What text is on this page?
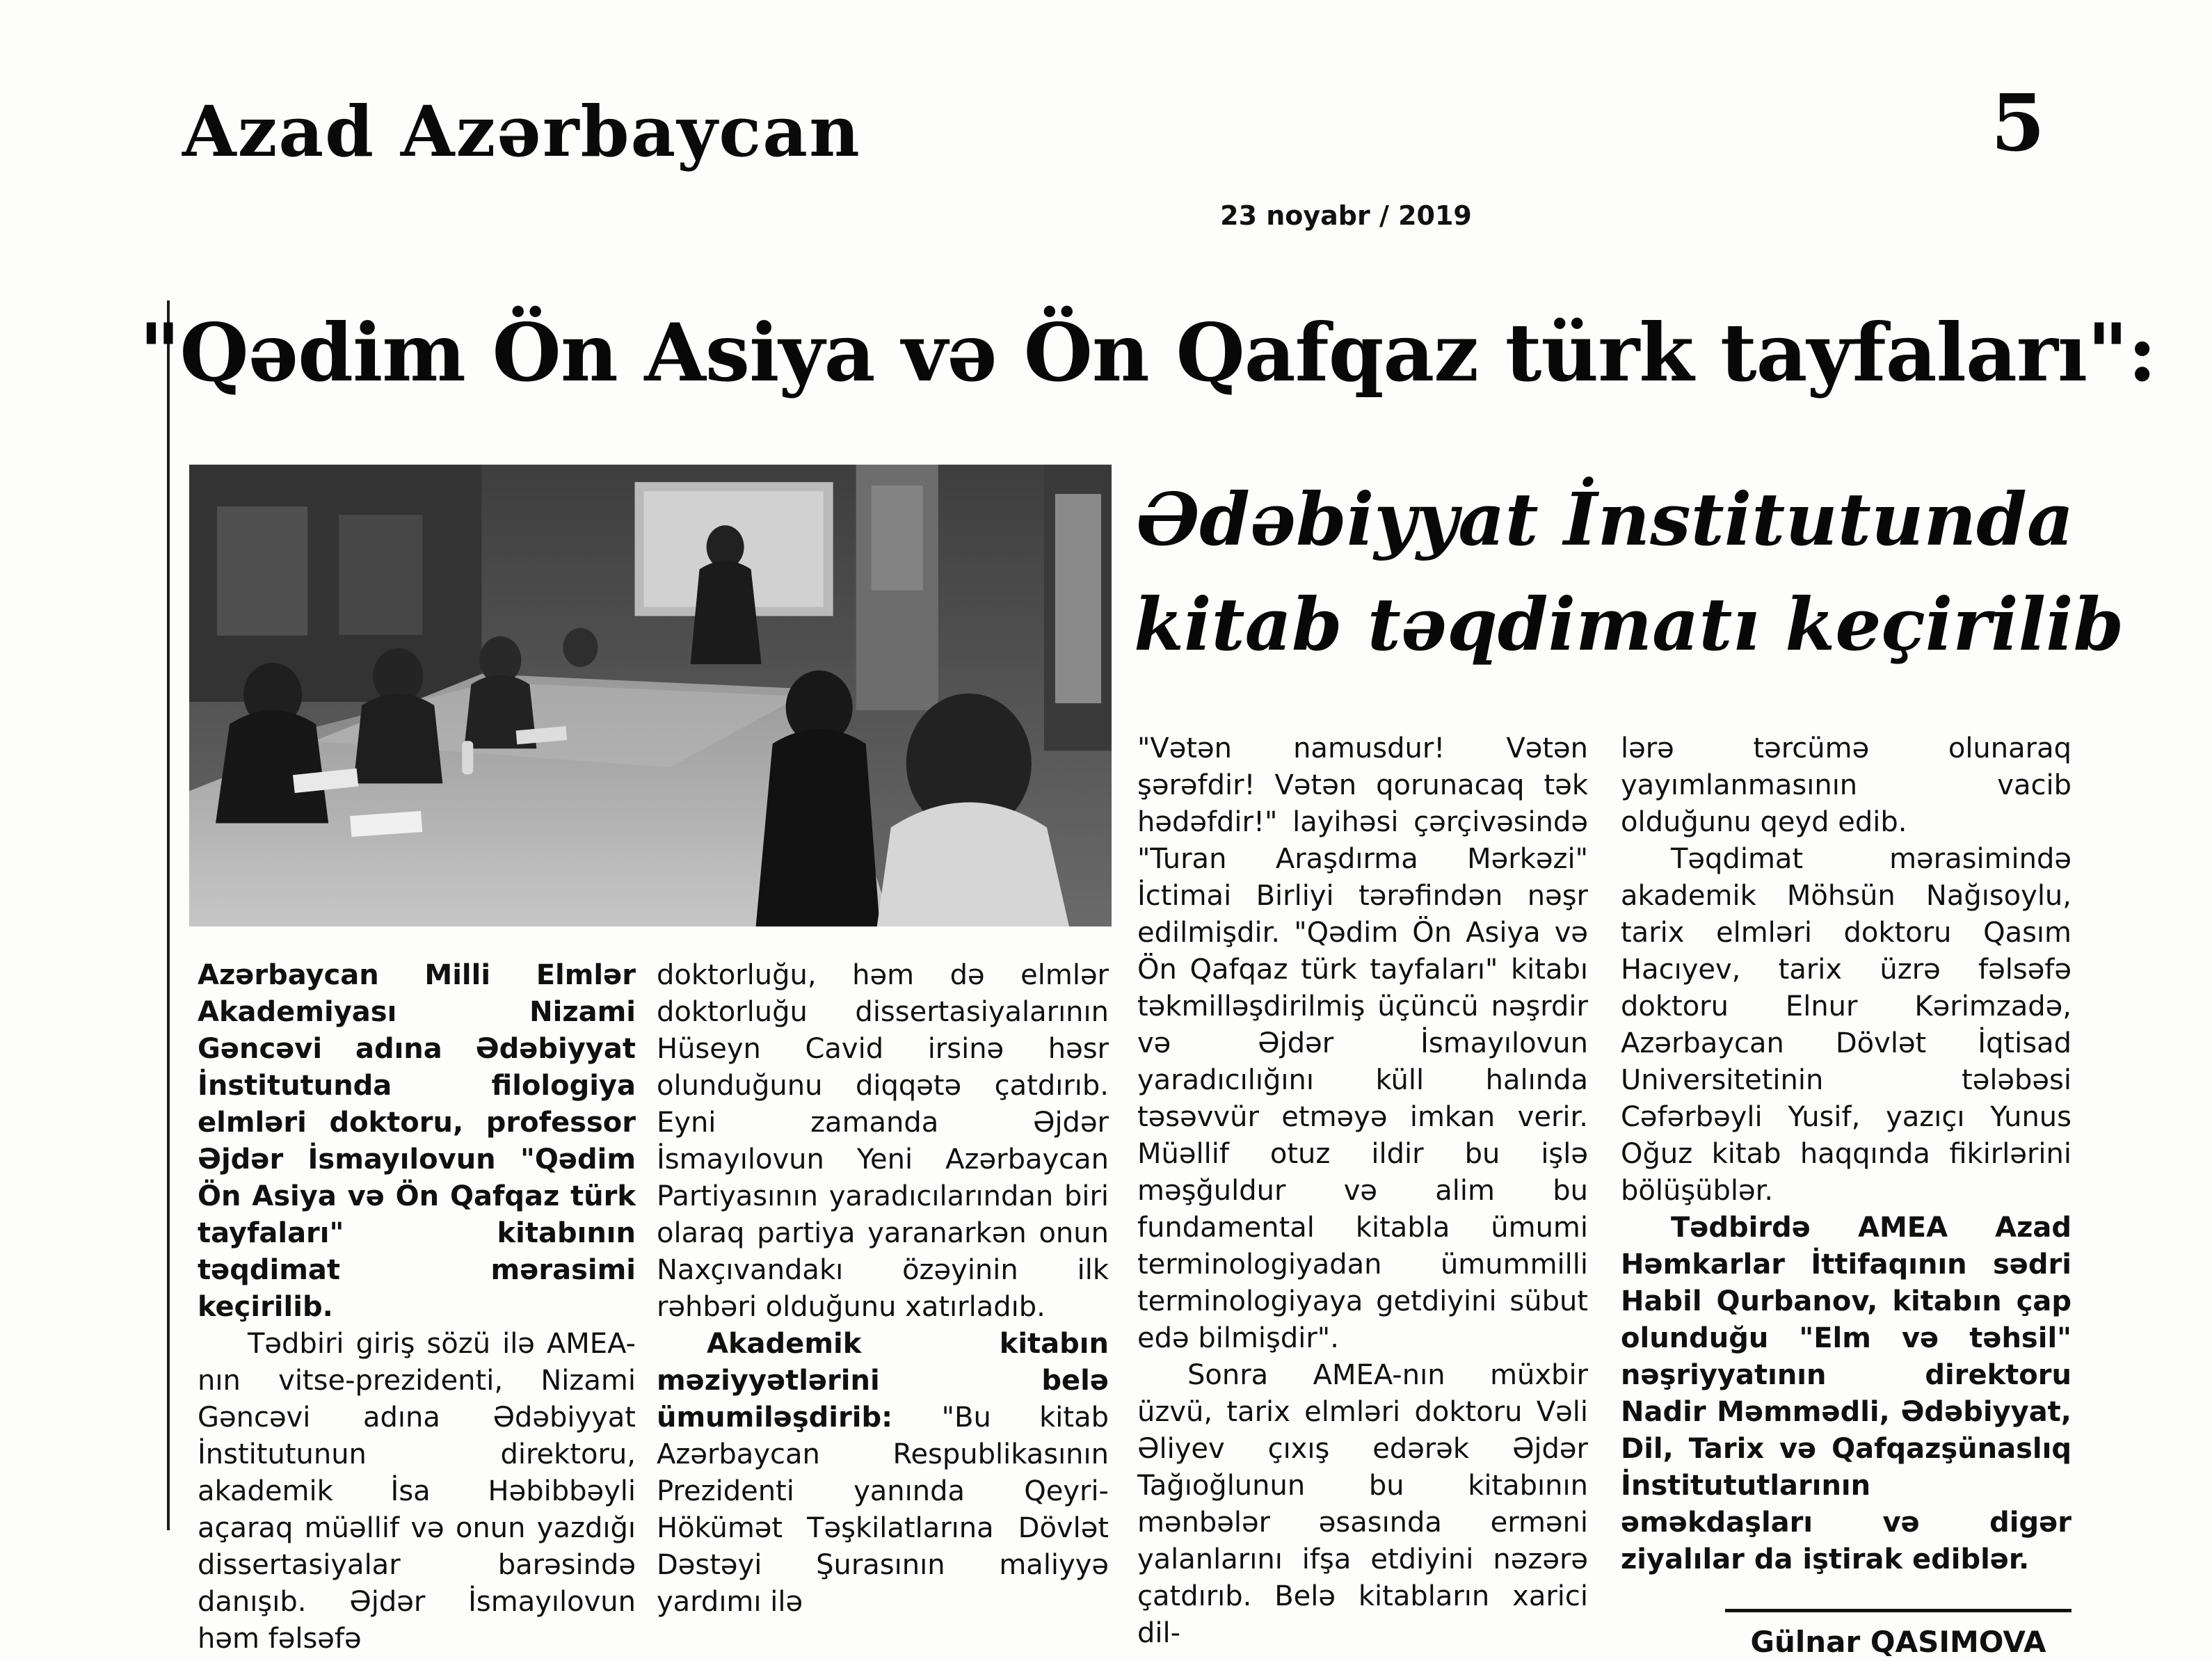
Azad Azərbaycan	5
23 noyabr / 2019
"Qədim Ön Asiya və Ön Qafqaz türk tayfaları":
Ədəbiyyat İnstitutunda
kitab təqdimatı keçirilib

Azərbaycan Milli Elmlər Akademiyası Nizami Gəncəvi adına Ədəbiyyat İnstitutunda filologiya elmləri doktoru, professor Əjdər İsmayılovun "Qədim Ön Asiya və Ön Qafqaz türk tayfaları" kitabının təqdimat mərasimi keçirilib.

Tədbiri giriş sözü ilə AMEA-nın vitse-prezidenti, Nizami Gəncəvi adına Ədəbiyyat İnstitutunun direktoru, akademik İsa Həbibbəyli açaraq müəllif və onun yazdığı dissertasiyalar barəsində danışıb. Əjdər İsmayılovun həm fəlsəfə

doktorluğu, həm də elmlər doktorluğu dissertasiyalarının Hüseyn Cavid irsinə həsr olunduğunu diqqətə çatdırıb. Eyni zamanda Əjdər İsmayılovun Yeni Azərbaycan Partiyasının yaradıcılarından biri olaraq partiya yaranarkən onun Naxçıvandakı özəyinin ilk rəhbəri olduğunu xatırladıb.

Akademik kitabın məziyyətlərini belə ümumiləşdirib: "Bu kitab Azərbaycan Respublikasının Prezidenti yanında Qeyri-Hökümət Təşkilatlarına Dövlət Dəstəyi Şurasının maliyyə yardımı ilə

"Vətən namusdur! Vətən şərəfdir! Vətən qorunacaq tək hədəfdir!" layihəsi çərçivəsində "Turan Araşdırma Mərkəzi" İctimai Birliyi tərəfindən nəşr edilmişdir. "Qədim Ön Asiya və Ön Qafqaz türk tayfaları" kitabı təkmilləşdirilmiş üçüncü nəşrdir və Əjdər İsmayılovun yaradıcılığını küll halında təsəvvür etməyə imkan verir. Müəllif otuz ildir bu işlə məşğuldur və alim bu fundamental kitabla ümumi terminologiyadan ümummilli terminologiyaya getdiyini sübut edə bilmişdir".

Sonra AMEA-nın müxbir üzvü, tarix elmləri doktoru Vəli Əliyev çıxış edərək Əjdər Tağıoğlunun bu kitabının mənbələr əsasında erməni yalanlarını ifşa etdiyini nəzərə çatdırıb. Belə kitabların xarici dil-

lərə tərcümə olunaraq yayımlanmasının vacib olduğunu qeyd edib.

Təqdimat mərasimində akademik Möhsün Nağısoylu, tarix elmləri doktoru Qasım Hacıyev, tarix üzrə fəlsəfə doktoru Elnur Kərimzadə, Azərbaycan Dövlət İqtisad Universitetinin tələbəsi Cəfərbəyli Yusif, yazıçı Yunus Oğuz kitab haqqında fikirlərini bölüşüblər.

Tədbirdə AMEA Azad Həmkarlar İttifaqının sədri Habil Qurbanov, kitabın çap olunduğu "Elm və təhsil" nəşriyyatının direktoru Nadir Məmmədli, Ədəbiyyat, Dil, Tarix və Qafqazşünaslıq İnstitututlarının əməkdaşları və digər ziyalılar da iştirak ediblər.

Gülnar QASIMOVA
